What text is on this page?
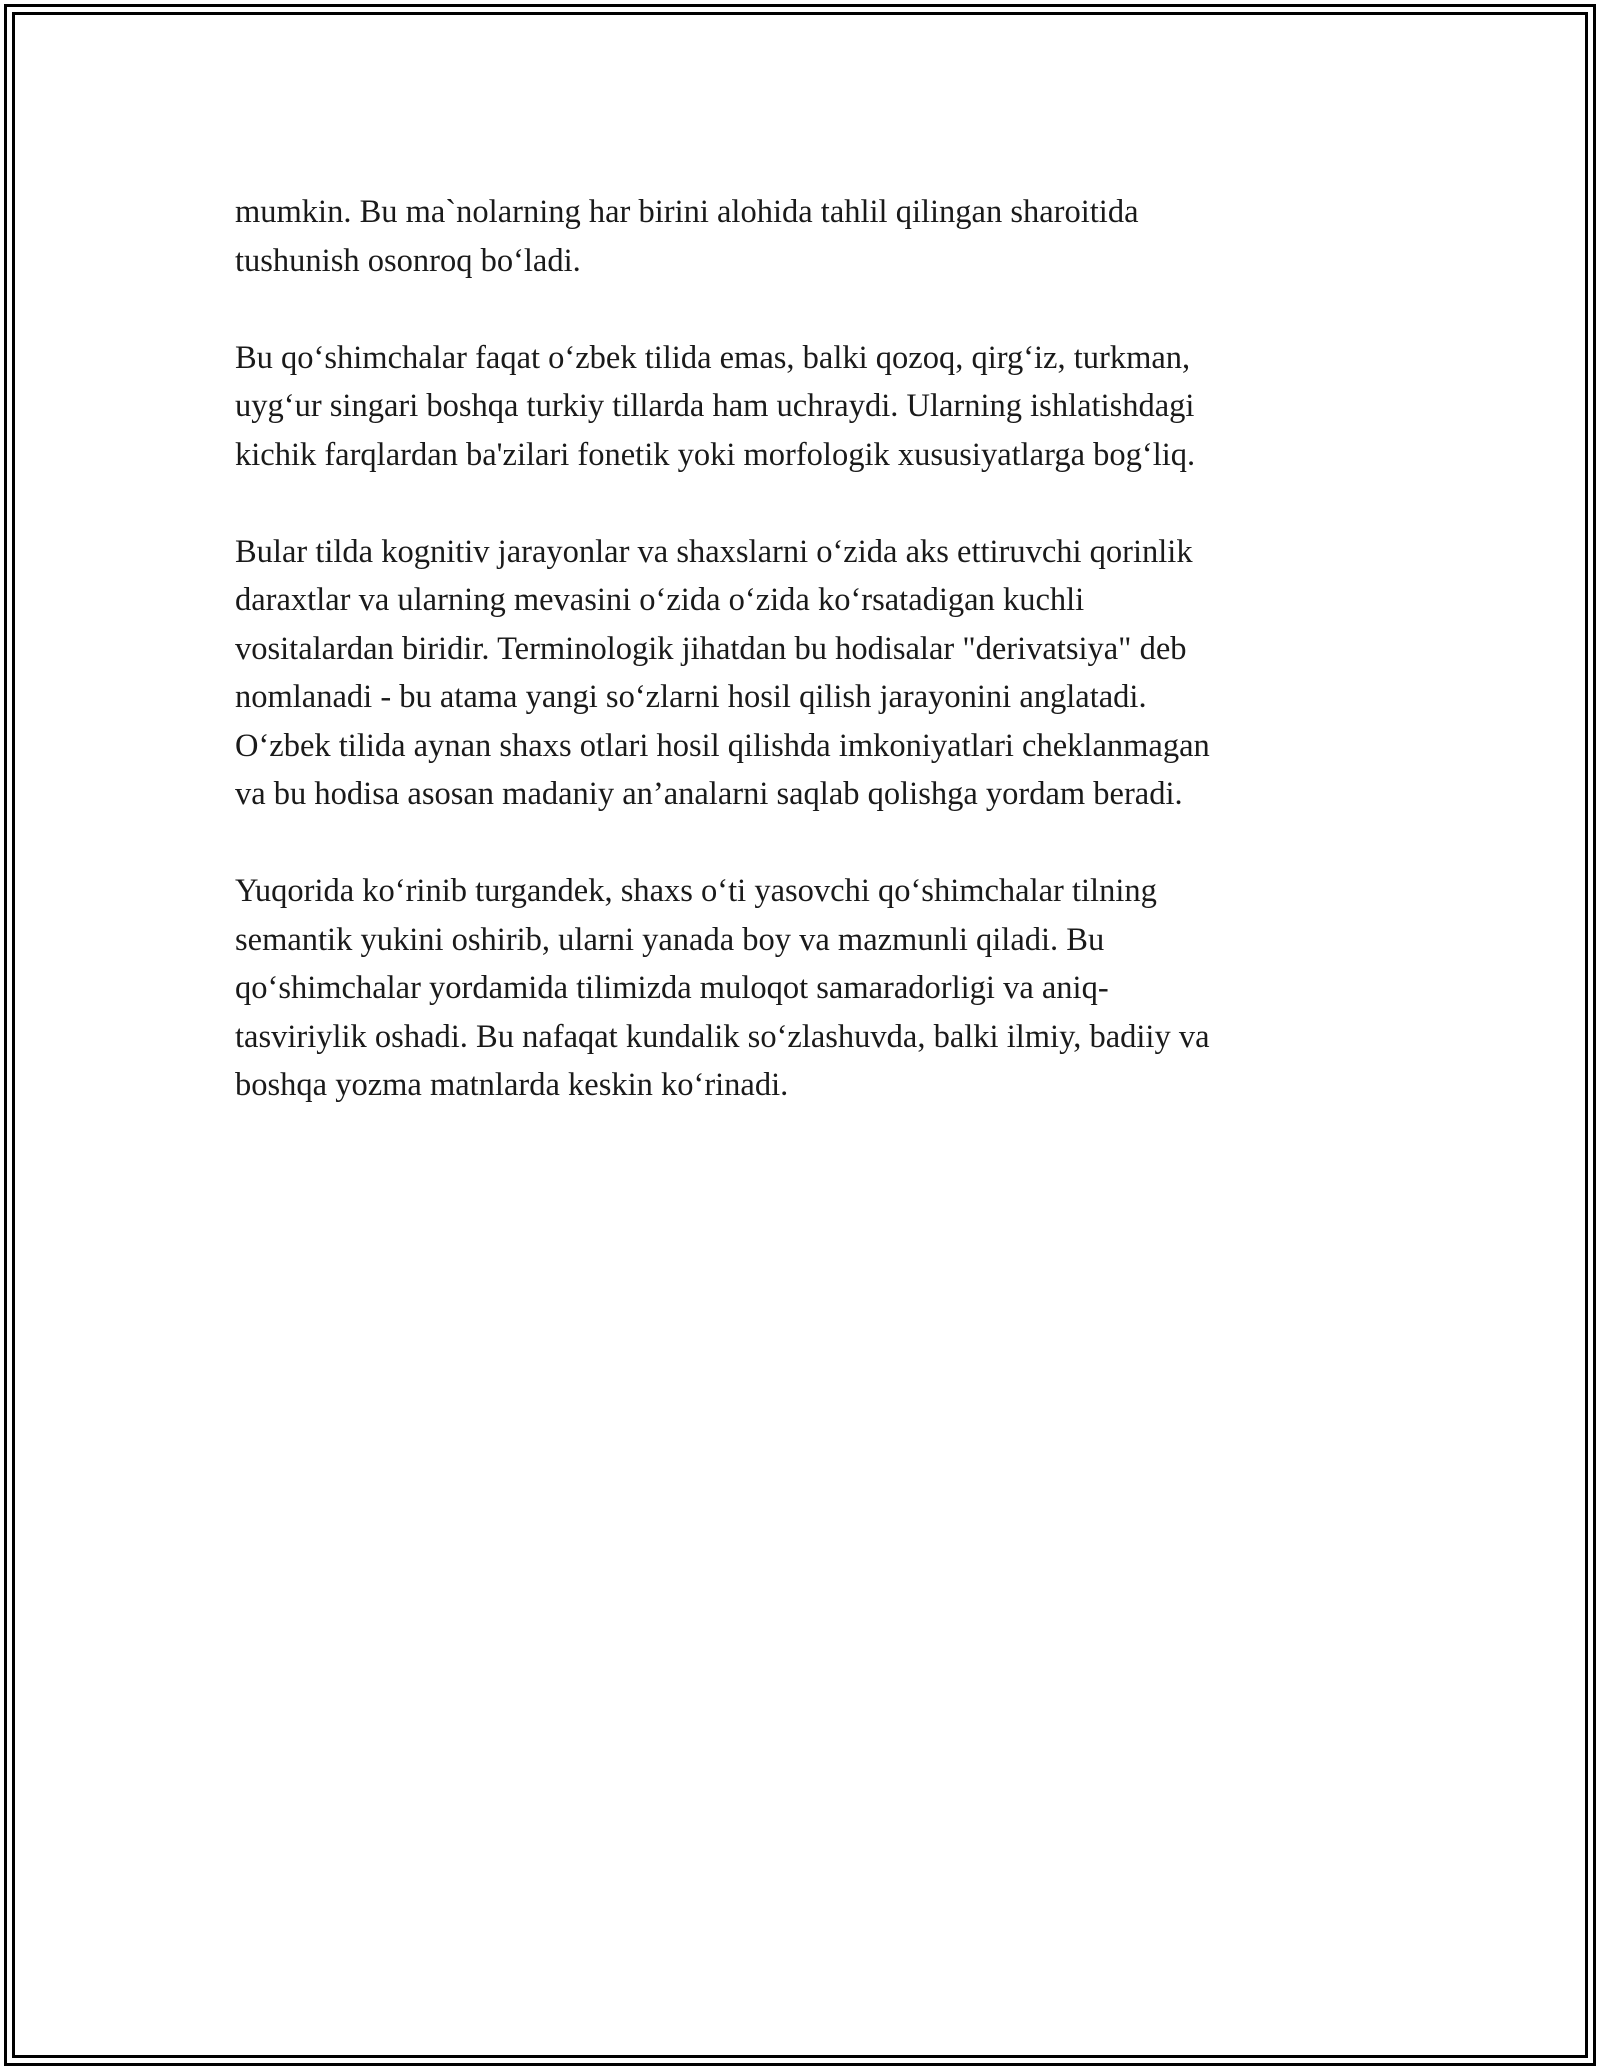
mumkin. Bu ma`nolarning har birini alohida tahlil qilingan sharoitida
tushunish osonroq bo‘ladi.

Bu qo‘shimchalar faqat o‘zbek tilida emas, balki qozoq, qirg‘iz, turkman,
uyg‘ur singari boshqa turkiy tillarda ham uchraydi. Ularning ishlatishdagi
kichik farqlardan ba'zilari fonetik yoki morfologik xususiyatlarga bog‘liq.

Bular tilda kognitiv jarayonlar va shaxslarni o‘zida aks ettiruvchi qorinlik
daraxtlar va ularning mevasini o‘zida o‘zida ko‘rsatadigan kuchli
vositalardan biridir. Terminologik jihatdan bu hodisalar "derivatsiya" deb
nomlanadi - bu atama yangi so‘zlarni hosil qilish jarayonini anglatadi.
O‘zbek tilida aynan shaxs otlari hosil qilishda imkoniyatlari cheklanmagan
va bu hodisa asosan madaniy an’analarni saqlab qolishga yordam beradi.

Yuqorida ko‘rinib turgandek, shaxs o‘ti yasovchi qo‘shimchalar tilning
semantik yukini oshirib, ularni yanada boy va mazmunli qiladi. Bu
qo‘shimchalar yordamida tilimizda muloqot samaradorligi va aniq-
tasviriylik oshadi. Bu nafaqat kundalik so‘zlashuvda, balki ilmiy, badiiy va
boshqa yozma matnlarda keskin ko‘rinadi.
